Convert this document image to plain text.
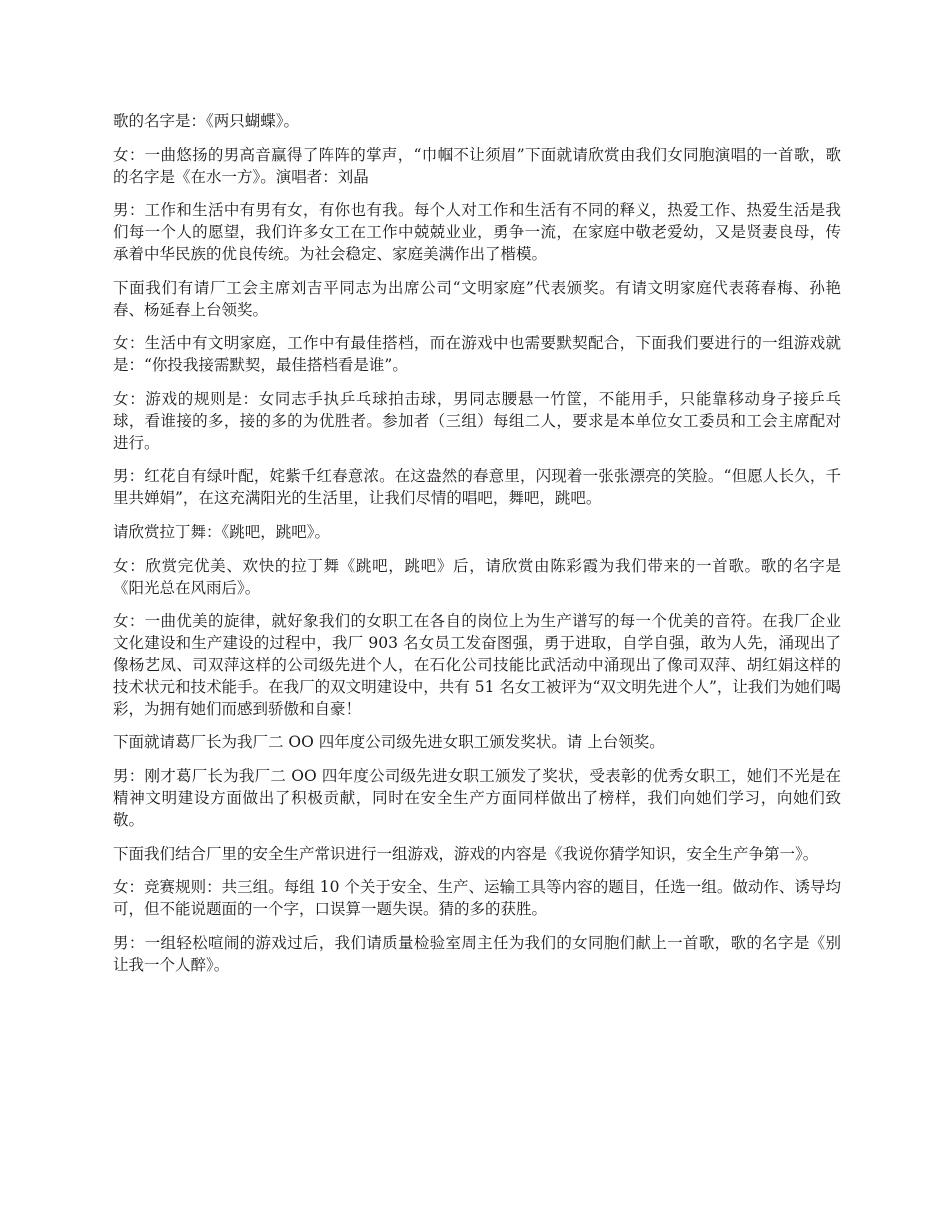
歌的名字是：《两只蝴蝶》。

女：一曲悠扬的男高音赢得了阵阵的掌声，“巾帼不让须眉”下面就请欣赏由我们女同胞演唱的一首歌，歌的名字是《在水一方》。演唱者：刘晶

男：工作和生活中有男有女，有你也有我。每个人对工作和生活有不同的释义，热爱工作、热爱生活是我们每一个人的愿望，我们许多女工在工作中兢兢业业，勇争一流，在家庭中敬老爱幼，又是贤妻良母，传承着中华民族的优良传统。为社会稳定、家庭美满作出了楷模。

下面我们有请厂工会主席刘吉平同志为出席公司“文明家庭”代表颁奖。有请文明家庭代表蒋春梅、孙艳春、杨延春上台领奖。

女：生活中有文明家庭，工作中有最佳搭档，而在游戏中也需要默契配合，下面我们要进行的一组游戏就是：“你投我接需默契，最佳搭档看是谁”。

女：游戏的规则是：女同志手执乒乓球拍击球，男同志腰悬一竹筐，不能用手，只能靠移动身子接乒乓球，看谁接的多，接的多的为优胜者。参加者（三组）每组二人，要求是本单位女工委员和工会主席配对进行。

男：红花自有绿叶配，姹紫千红春意浓。在这盎然的春意里，闪现着一张张漂亮的笑脸。“但愿人长久，千里共婵娟”，在这充满阳光的生活里，让我们尽情的唱吧，舞吧，跳吧。

请欣赏拉丁舞：《跳吧，跳吧》。

女：欣赏完优美、欢快的拉丁舞《跳吧，跳吧》后，请欣赏由陈彩霞为我们带来的一首歌。歌的名字是《阳光总在风雨后》。

女：一曲优美的旋律，就好象我们的女职工在各自的岗位上为生产谱写的每一个优美的音符。在我厂企业文化建设和生产建设的过程中，我厂 903 名女员工发奋图强，勇于进取，自学自强，敢为人先，涌现出了像杨艺凤、司双萍这样的公司级先进个人，在石化公司技能比武活动中涌现出了像司双萍、胡红娟这样的技术状元和技术能手。在我厂的双文明建设中，共有 51 名女工被评为“双文明先进个人”，让我们为她们喝彩，为拥有她们而感到骄傲和自豪！

下面就请葛厂长为我厂二 OO 四年度公司级先进女职工颁发奖状。请 上台领奖。

男：刚才葛厂长为我厂二 OO 四年度公司级先进女职工颁发了奖状，受表彰的优秀女职工，她们不光是在精神文明建设方面做出了积极贡献，同时在安全生产方面同样做出了榜样，我们向她们学习，向她们致敬。

下面我们结合厂里的安全生产常识进行一组游戏，游戏的内容是《我说你猜学知识，安全生产争第一》。

女：竞赛规则：共三组。每组 10 个关于安全、生产、运输工具等内容的题目，任选一组。做动作、诱导均可，但不能说题面的一个字，口误算一题失误。猜的多的获胜。

男：一组轻松喧闹的游戏过后，我们请质量检验室周主任为我们的女同胞们献上一首歌，歌的名字是《别让我一个人醉》。
